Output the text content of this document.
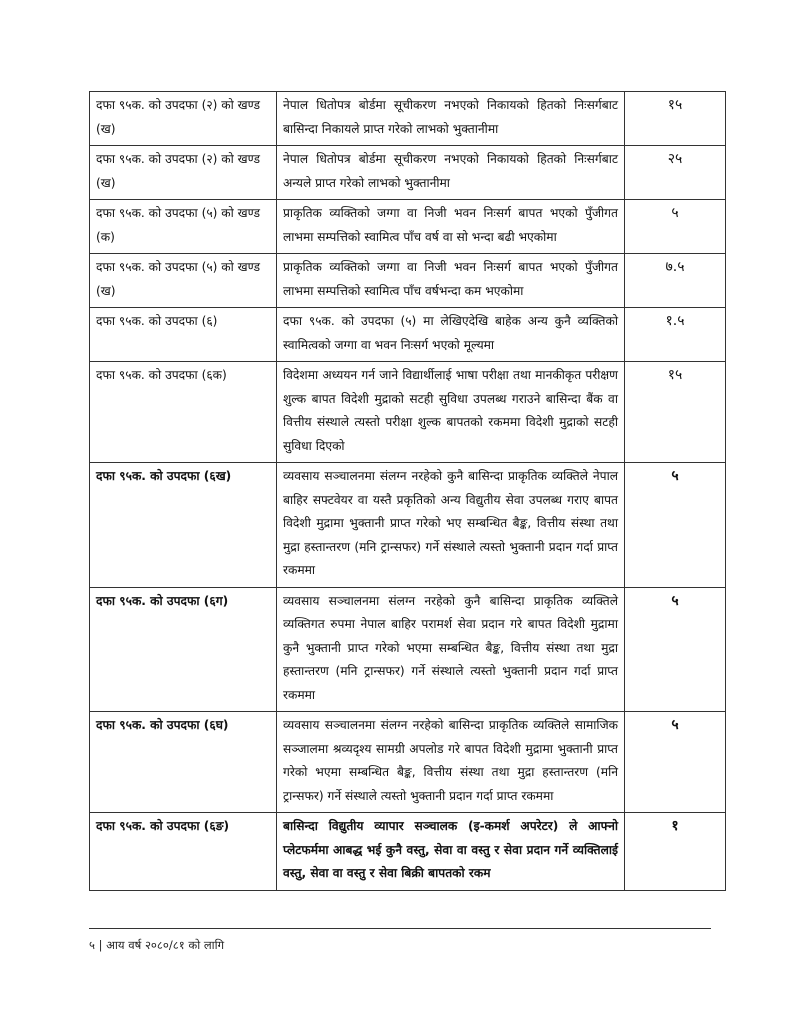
दफा ९५क. को उपदफा (२) को खण्ड (ख)	नेपाल धितोपत्र बोर्डमा सूचीकरण नभएको निकायको हितको निःसर्गबाट बासिन्दा निकायले प्राप्त गरेको लाभको भुक्तानीमा	१५
दफा ९५क. को उपदफा (२) को खण्ड (ख)	नेपाल धितोपत्र बोर्डमा सूचीकरण नभएको निकायको हितको निःसर्गबाट अन्यले प्राप्त गरेको लाभको भुक्तानीमा	२५
दफा ९५क. को उपदफा (५) को खण्ड (क)	प्राकृतिक व्यक्तिको जग्गा वा निजी भवन निःसर्ग बापत भएको पुँजीगत लाभमा सम्पत्तिको स्वामित्व पाँच वर्ष वा सो भन्दा बढी भएकोमा	५
दफा ९५क. को उपदफा (५) को खण्ड (ख)	प्राकृतिक व्यक्तिको जग्गा वा निजी भवन निःसर्ग बापत भएको पुँजीगत लाभमा सम्पत्तिको स्वामित्व पाँच वर्षभन्दा कम भएकोमा	७.५
दफा ९५क. को उपदफा (६)	दफा ९५क. को उपदफा (५) मा लेखिएदेखि बाहेक अन्य कुनै व्यक्तिको स्वामित्वको जग्गा वा भवन निःसर्ग भएको मूल्यमा	१.५
दफा ९५क. को उपदफा (६क)	विदेशमा अध्ययन गर्न जाने विद्यार्थीलाई भाषा परीक्षा तथा मानकीकृत परीक्षण शुल्क बापत विदेशी मुद्राको सटही सुविधा उपलब्ध गराउने बासिन्दा बैंक वा वित्तीय संस्थाले त्यस्तो परीक्षा शुल्क बापतको रकममा विदेशी मुद्राको सटही सुविधा दिएको	१५
दफा ९५क. को उपदफा (६ख)	व्यवसाय सञ्चालनमा संलग्न नरहेको कुनै बासिन्दा प्राकृतिक व्यक्तिले नेपाल बाहिर सफ्टवेयर वा यस्तै प्रकृतिको अन्य विद्युतीय सेवा उपलब्ध गराए बापत विदेशी मुद्रामा भुक्तानी प्राप्त गरेको भए सम्बन्धित बैङ्क, वित्तीय संस्था तथा मुद्रा हस्तान्तरण (मनि ट्रान्सफर) गर्ने संस्थाले त्यस्तो भुक्तानी प्रदान गर्दा प्राप्त रकममा	५
दफा ९५क. को उपदफा (६ग)	व्यवसाय सञ्चालनमा संलग्न नरहेको कुनै बासिन्दा प्राकृतिक व्यक्तिले व्यक्तिगत रुपमा नेपाल बाहिर परामर्श सेवा प्रदान गरे बापत विदेशी मुद्रामा कुनै भुक्तानी प्राप्त गरेको भएमा सम्बन्धित बैङ्क, वित्तीय संस्था तथा मुद्रा हस्तान्तरण (मनि ट्रान्सफर) गर्ने संस्थाले त्यस्तो भुक्तानी प्रदान गर्दा प्राप्त रकममा	५
दफा ९५क. को उपदफा (६घ)	व्यवसाय सञ्चालनमा संलग्न नरहेको बासिन्दा प्राकृतिक व्यक्तिले सामाजिक सञ्जालमा श्रव्यदृश्य सामग्री अपलोड गरे बापत विदेशी मुद्रामा भुक्तानी प्राप्त गरेको भएमा सम्बन्धित बैङ्क, वित्तीय संस्था तथा मुद्रा हस्तान्तरण (मनि ट्रान्सफर) गर्ने संस्थाले त्यस्तो भुक्तानी प्रदान गर्दा प्राप्त रकममा	५
दफा ९५क. को उपदफा (६ङ)	बासिन्दा विद्युतीय व्यापार सञ्चालक (इ-कमर्श अपरेटर) ले आफ्नो प्लेटफर्ममा आबद्ध भई कुनै वस्तु, सेवा वा वस्तु र सेवा प्रदान गर्ने व्यक्तिलाई वस्तु, सेवा वा वस्तु र सेवा बिक्री बापतको रकम	१
५ | आय वर्ष २०८०/८१ को लागि
